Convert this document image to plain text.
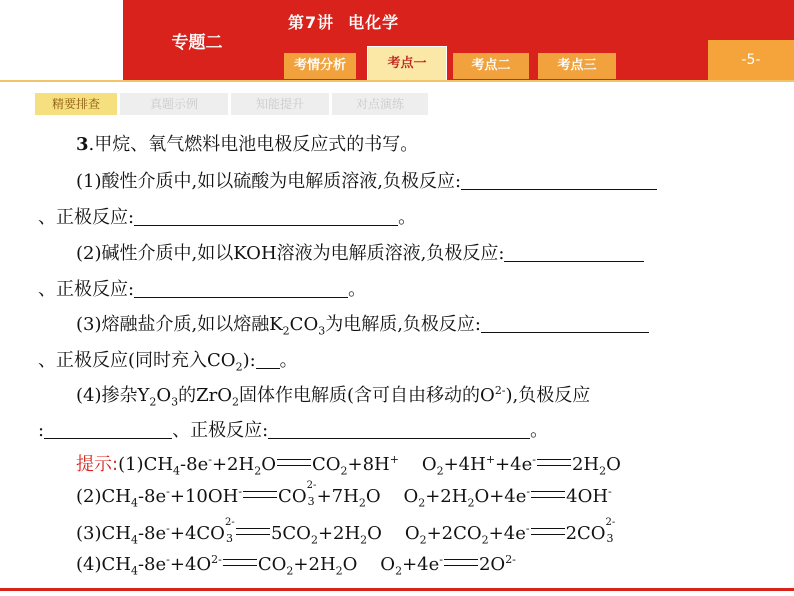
专题二
第7讲 电化学
考情分析	考点一	考点二	考点三	-5-
精要排查	真题示例	知能提升	对点演练
3.甲烷、氧气燃料电池电极反应式的书写。
(1)酸性介质中,如以硫酸为电解质溶液,负极反应:
、正极反应:	。
(2)碱性介质中,如以KOH溶液为电解质溶液,负极反应:
、正极反应:	。
(3)熔融盐介质,如以熔融$K_2CO_3$为电解质,负极反应:
、正极反应(同时充入$CO_2$): 。
(4)掺杂$Y_2O_3$的ZrO$_2$固体作电解质(含可自由移动的$O^{2-}$),负极反应
:	、正极反应:	。
提示$:(1)CH_4-8e^-+2H_2O$ $CO_2+8H^+$    $O_2+4H^++4e^-$ $2H_2O$
$(2)CH_4-8e^-+10OH^-$ CO
2-
$3 +7H_2O$    $O_2+2H_2O+4e^-$ 4OH-
$(3)CH_4-8e^-+4CO$
2-
3 $5CO_2+2H_2O$    $O_2+2CO_2+4e^-$ 2CO
2-
3
$(4)CH_4-8e^-+4O^{2-}$ $CO_2+2H_2O$    $O_2+4e^-$ $2O^{2-}$
